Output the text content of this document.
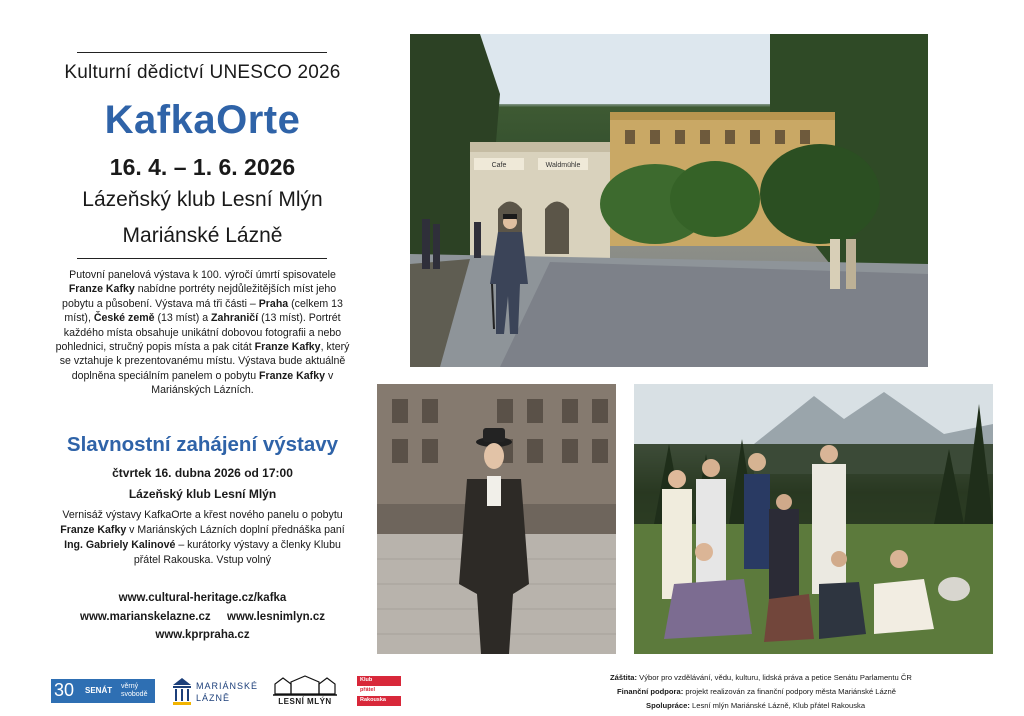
Kulturní dědictví UNESCO 2026
KafkaOrte
16. 4. – 1. 6. 2026
Lázeňský klub Lesní Mlýn
Mariánské Lázně
Putovní panelová výstava k 100. výročí úmrtí spisovatele Franze Kafky nabídne portréty nejdůležitějších míst jeho pobytu a působení. Výstava má tři části – Praha (celkem 13 míst), České země (13 míst) a Zahraničí (13 míst). Portrét každého místa obsahuje unikátní dobovou fotografii a nebo pohlednici, stručný popis místa a pak citát Franze Kafky, který se vztahuje k prezentovanému místu. Výstava bude aktuálně doplněna speciálním panelem o pobytu Franze Kafky v Mariánských Lázních.
Slavnostní zahájení výstavy
čtvrtek 16. dubna 2026 od 17:00
Lázeňský klub Lesní Mlýn
Vernisáž výstavy KafkaOrte a křest nového panelu o pobytu Franze Kafky v Mariánských Lázních doplní přednáška paní Ing. Gabriely Kalinové – kurátorky výstavy a členky Klubu přátel Rakouska. Vstup volný
www.cultural-heritage.cz/kafka
www.marianskelazne.cz www.lesnimlyn.cz
www.kprpraha.cz
Cafe	Waldmühle
30 SENÁT věrný svobodě
MARIÁNSKÉ
LÁZNĚ	LESNÍ MLÝN
Klub
přátel
Rakouska
Záštita: Výbor pro vzdělávání, vědu, kulturu, lidská práva a petice Senátu Parlamentu ČR
Finanční podpora: projekt realizován za finanční podpory města Mariánské Lázně
Spolupráce: Lesní mlýn Mariánské Lázně, Klub přátel Rakouska
